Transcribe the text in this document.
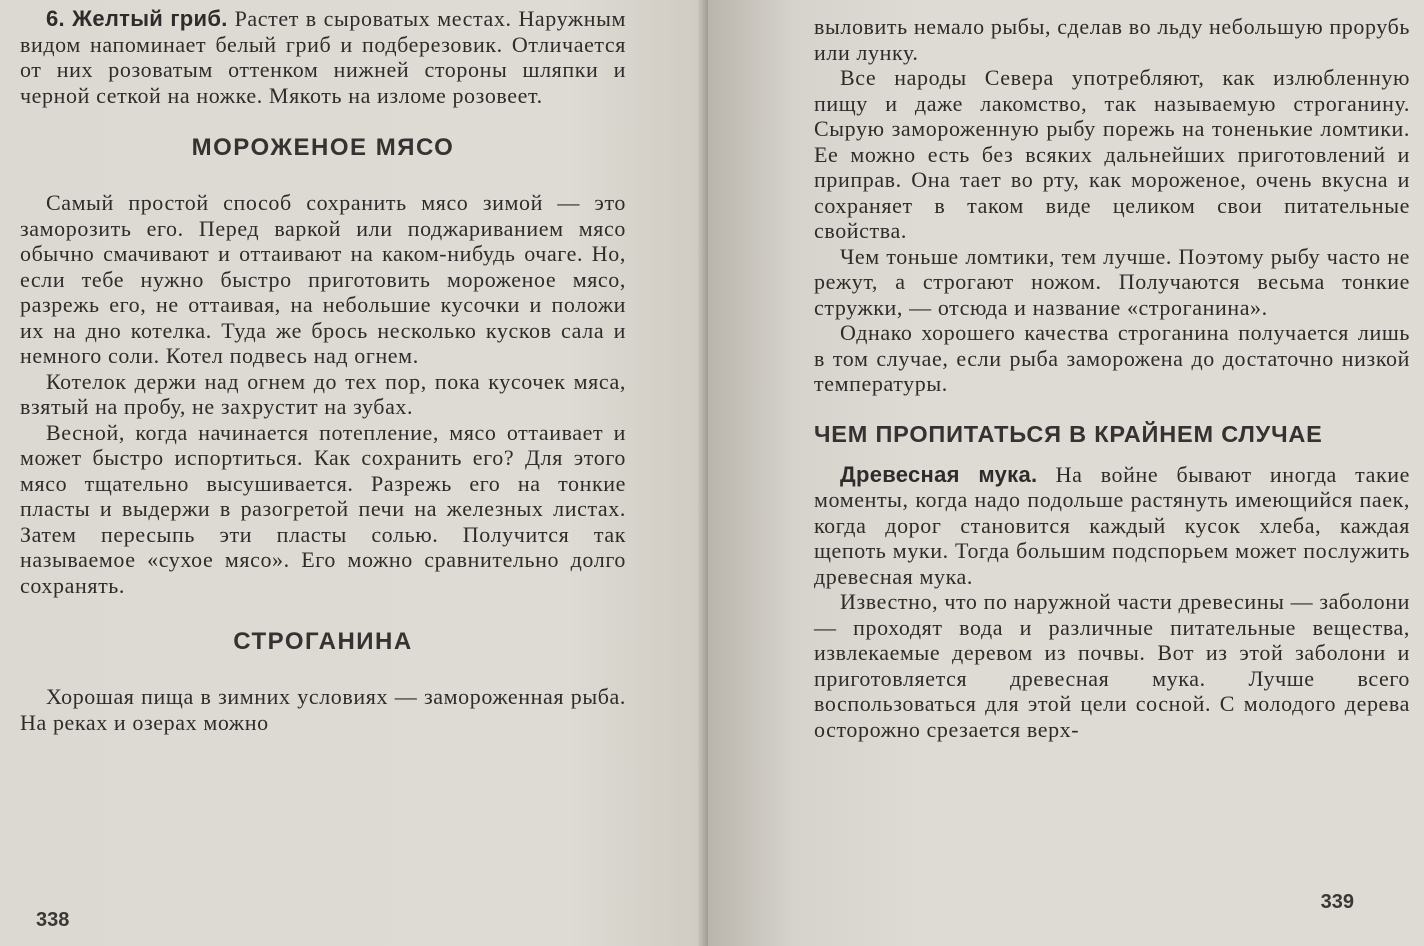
6. Желтый гриб. Растет в сыроватых местах. Наружным видом напоминает белый гриб и подберезовик. Отличается от них розоватым оттенком нижней стороны шляпки и черной сеткой на ножке. Мякоть на изломе розовеет.

МОРОЖЕНОЕ МЯСО

Самый простой способ сохранить мясо зимой — это заморозить его. Перед варкой или поджариванием мясо обычно смачивают и оттаивают на каком-нибудь очаге. Но, если тебе нужно быстро приготовить мороженое мясо, разрежь его, не оттаивая, на небольшие кусочки и положи их на дно котелка. Туда же брось несколько кусков сала и немного соли. Котел подвесь над огнем.

Котелок держи над огнем до тех пор, пока кусочек мяса, взятый на пробу, не захрустит на зубах.

Весной, когда начинается потепление, мясо оттаивает и может быстро испортиться. Как сохранить его? Для этого мясо тщательно высушивается. Разрежь его на тонкие пласты и выдержи в разогретой печи на железных листах. Затем пересыпь эти пласты солью. Получится так называемое «сухое мясо». Его можно сравнительно долго сохранять.

СТРОГАНИНА

Хорошая пища в зимних условиях — замороженная рыба. На реках и озерах можно

338

выловить немало рыбы, сделав во льду небольшую прорубь или лунку.

Все народы Севера употребляют, как излюбленную пищу и даже лакомство, так называемую строганину. Сырую замороженную рыбу порежь на тоненькие ломтики. Ее можно есть без всяких дальнейших приготовлений и приправ. Она тает во рту, как мороженое, очень вкусна и сохраняет в таком виде целиком свои питательные свойства.

Чем тоньше ломтики, тем лучше. Поэтому рыбу часто не режут, а строгают ножом. Получаются весьма тонкие стружки, — отсюда и название «строганина».

Однако хорошего качества строганина получается лишь в том случае, если рыба заморожена до достаточно низкой температуры.

ЧЕМ ПРОПИТАТЬСЯ В КРАЙНЕМ СЛУЧАЕ

Древесная мука. На войне бывают иногда такие моменты, когда надо подольше растянуть имеющийся паек, когда дорог становится каждый кусок хлеба, каждая щепоть муки. Тогда большим подспорьем может послужить древесная мука.

Известно, что по наружной части древесины — заболони — проходят вода и различные питательные вещества, извлекаемые деревом из почвы. Вот из этой заболони и приготовляется древесная мука. Лучше всего воспользоваться для этой цели сосной. С молодого дерева осторожно срезается верх-

339
